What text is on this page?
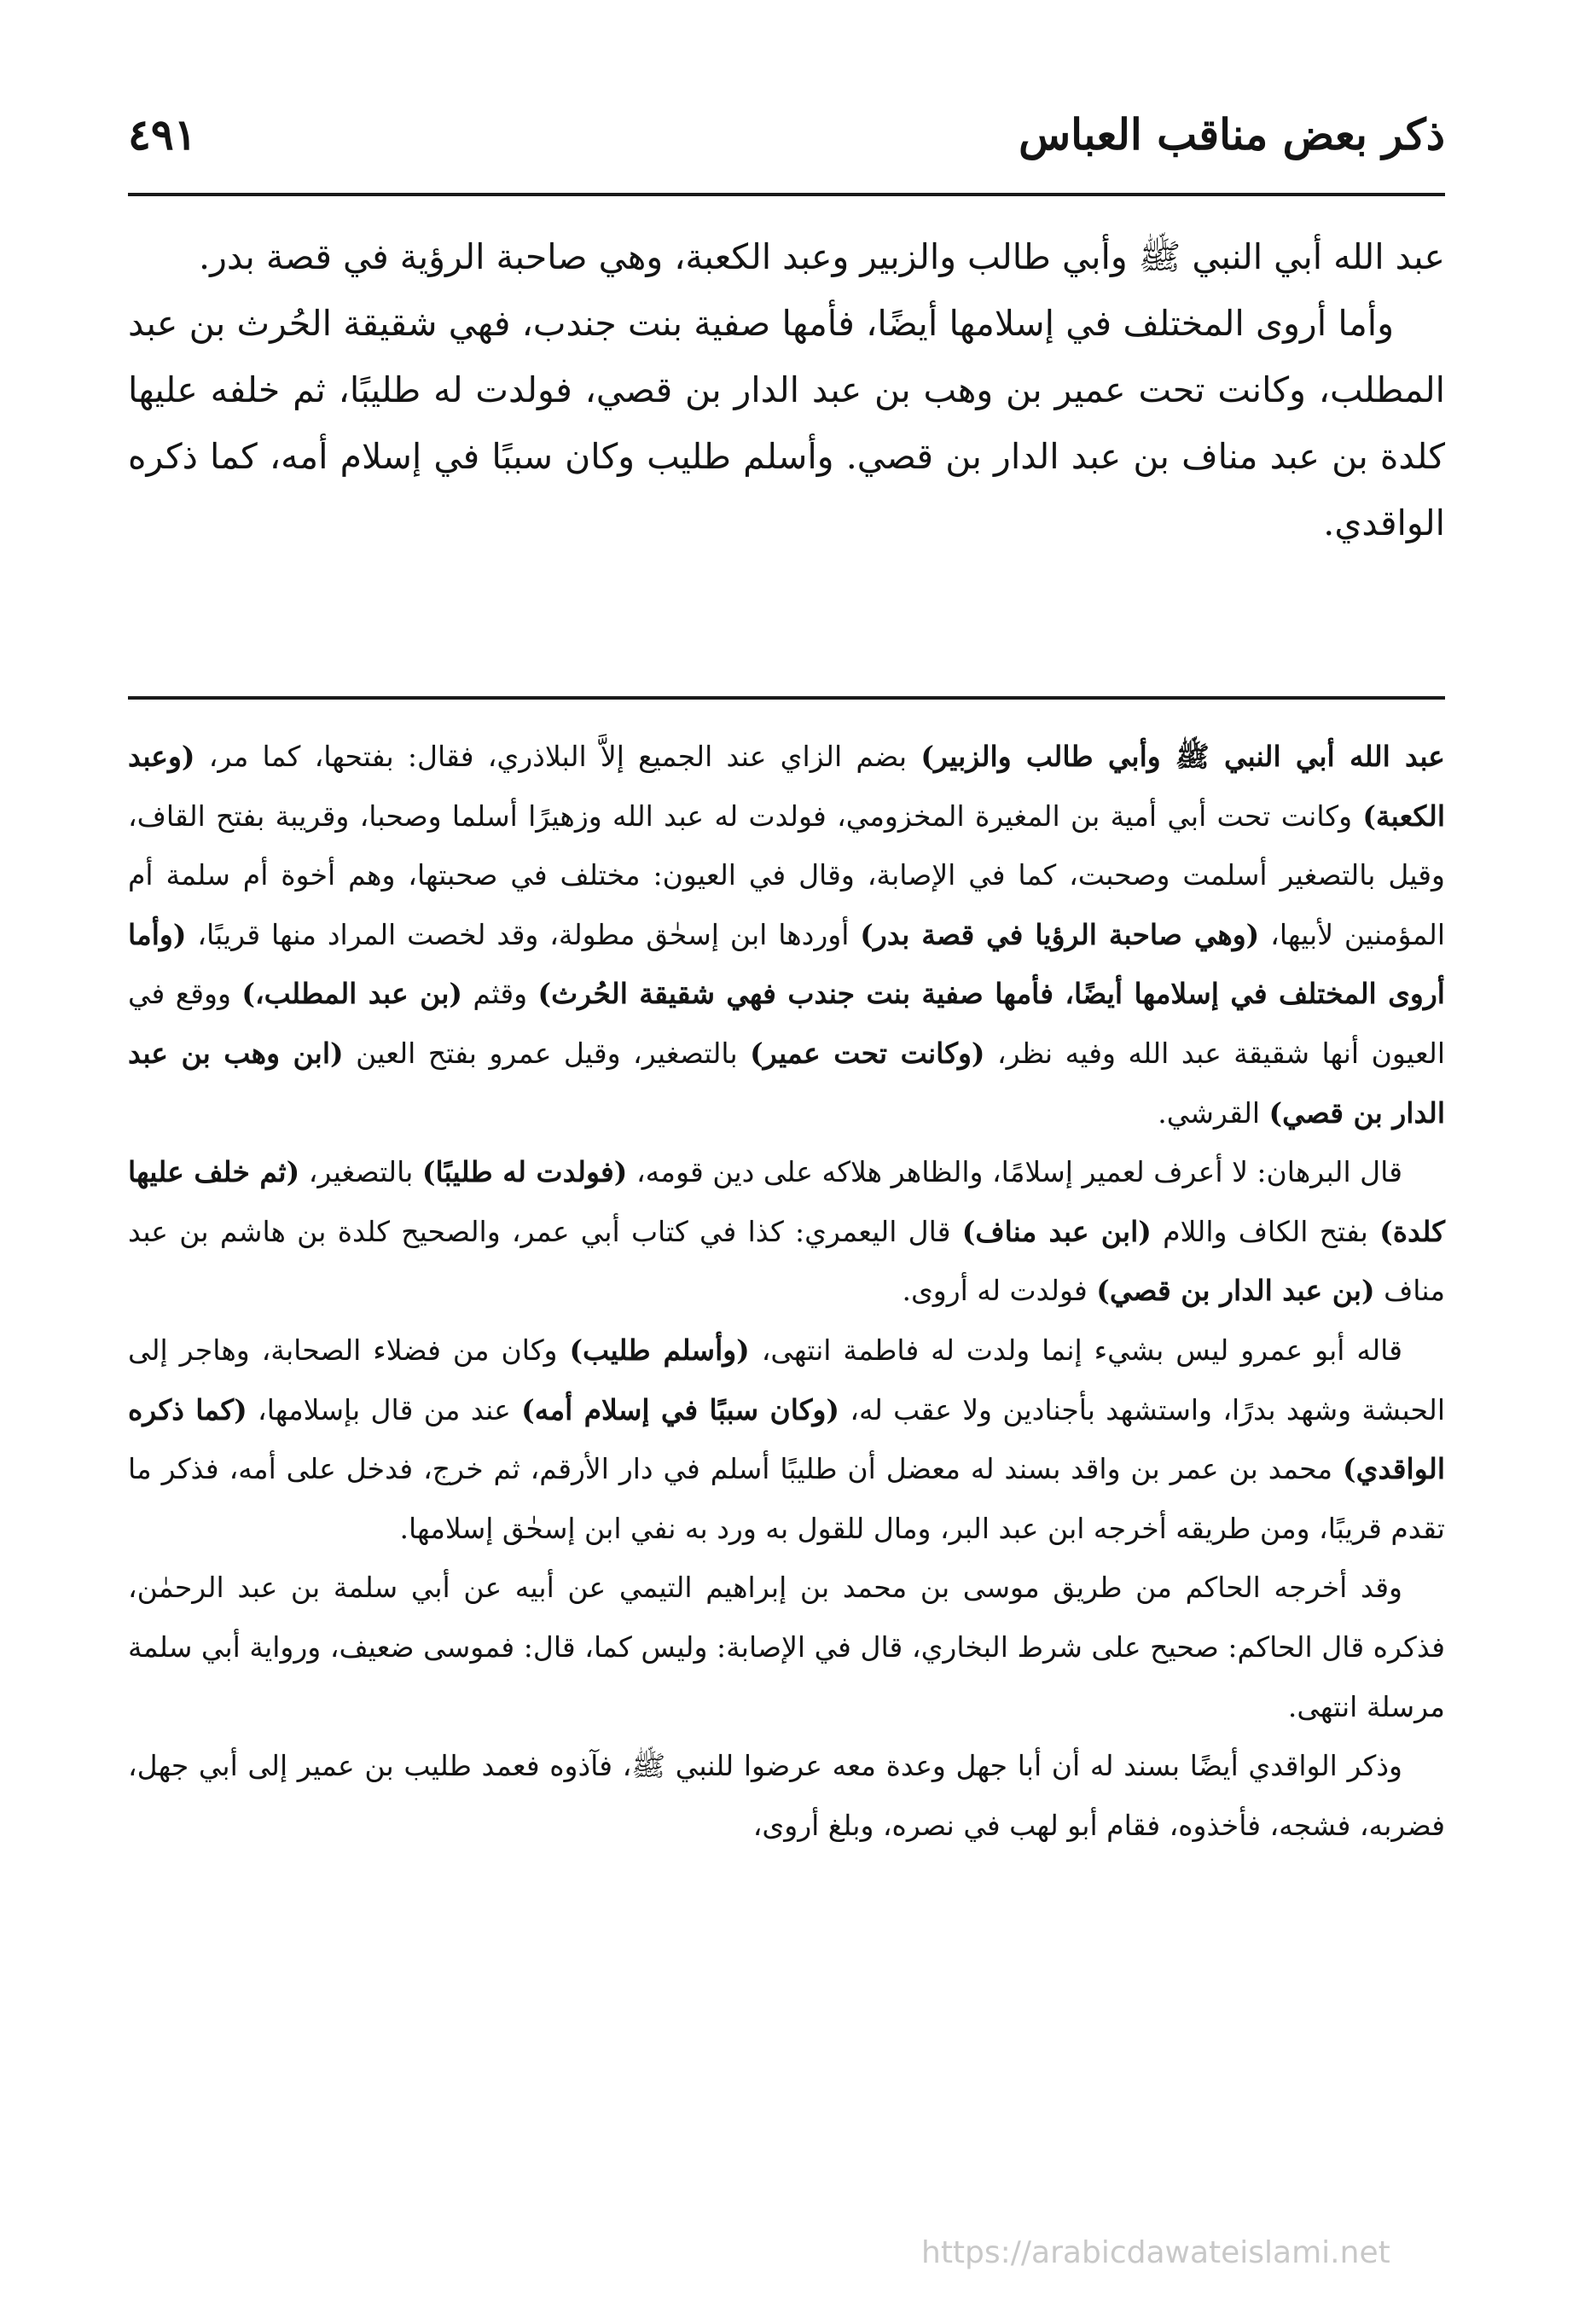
ذكر بعض مناقب العباس
٤٩١

عبد الله أبي النبي ﷺ وأبي طالب والزبير وعبد الكعبة، وهي صاحبة الرؤية في قصة بدر.

وأما أروى المختلف في إسلامها أيضًا، فأمها صفية بنت جندب، فهي شقيقة الحُرث بن عبد المطلب، وكانت تحت عمير بن وهب بن عبد الدار بن قصي، فولدت له طليبًا، ثم خلفه عليها كلدة بن عبد مناف بن عبد الدار بن قصي. وأسلم طليب وكان سببًا في إسلام أمه، كما ذكره الواقدي.

عبد الله أبي النبي ﷺ وأبي طالب والزبير) بضم الزاي عند الجميع إلاَّ البلاذري، فقال: بفتحها، كما مر، (وعبد الكعبة) وكانت تحت أبي أمية بن المغيرة المخزومي، فولدت له عبد الله وزهيرًا أسلما وصحبا، وقريبة بفتح القاف، وقيل بالتصغير أسلمت وصحبت، كما في الإصابة، وقال في العيون: مختلف في صحبتها، وهم أخوة أم سلمة أم المؤمنين لأبيها، (وهي صاحبة الرؤيا في قصة بدر) أوردها ابن إسحٰق مطولة، وقد لخصت المراد منها قريبًا، (وأما أروى المختلف في إسلامها أيضًا، فأمها صفية بنت جندب فهي شقيقة الحُرث) وقثم (بن عبد المطلب،) ووقع في العيون أنها شقيقة عبد الله وفيه نظر، (وكانت تحت عمير) بالتصغير، وقيل عمرو بفتح العين (ابن وهب بن عبد الدار بن قصي) القرشي.

قال البرهان: لا أعرف لعمير إسلامًا، والظاهر هلاكه على دين قومه، (فولدت له طليبًا) بالتصغير، (ثم خلف عليها كلدة) بفتح الكاف واللام (ابن عبد مناف) قال اليعمري: كذا في كتاب أبي عمر، والصحيح كلدة بن هاشم بن عبد مناف (بن عبد الدار بن قصي) فولدت له أروى.

قاله أبو عمرو ليس بشيء إنما ولدت له فاطمة انتهى، (وأسلم طليب) وكان من فضلاء الصحابة، وهاجر إلى الحبشة وشهد بدرًا، واستشهد بأجنادين ولا عقب له، (وكان سببًا في إسلام أمه) عند من قال بإسلامها، (كما ذكره الواقدي) محمد بن عمر بن واقد بسند له معضل أن طليبًا أسلم في دار الأرقم، ثم خرج، فدخل على أمه، فذكر ما تقدم قريبًا، ومن طريقه أخرجه ابن عبد البر، ومال للقول به ورد به نفي ابن إسحٰق إسلامها.

وقد أخرجه الحاكم من طريق موسى بن محمد بن إبراهيم التيمي عن أبيه عن أبي سلمة بن عبد الرحمٰن، فذكره قال الحاكم: صحيح على شرط البخاري، قال في الإصابة: وليس كما، قال: فموسى ضعيف، ورواية أبي سلمة مرسلة انتهى.

وذكر الواقدي أيضًا بسند له أن أبا جهل وعدة معه عرضوا للنبي ﷺ، فآذوه فعمد طليب بن عمير إلى أبي جهل، فضربه، فشجه، فأخذوه، فقام أبو لهب في نصره، وبلغ أروى،

https://arabicdawateislami.net
